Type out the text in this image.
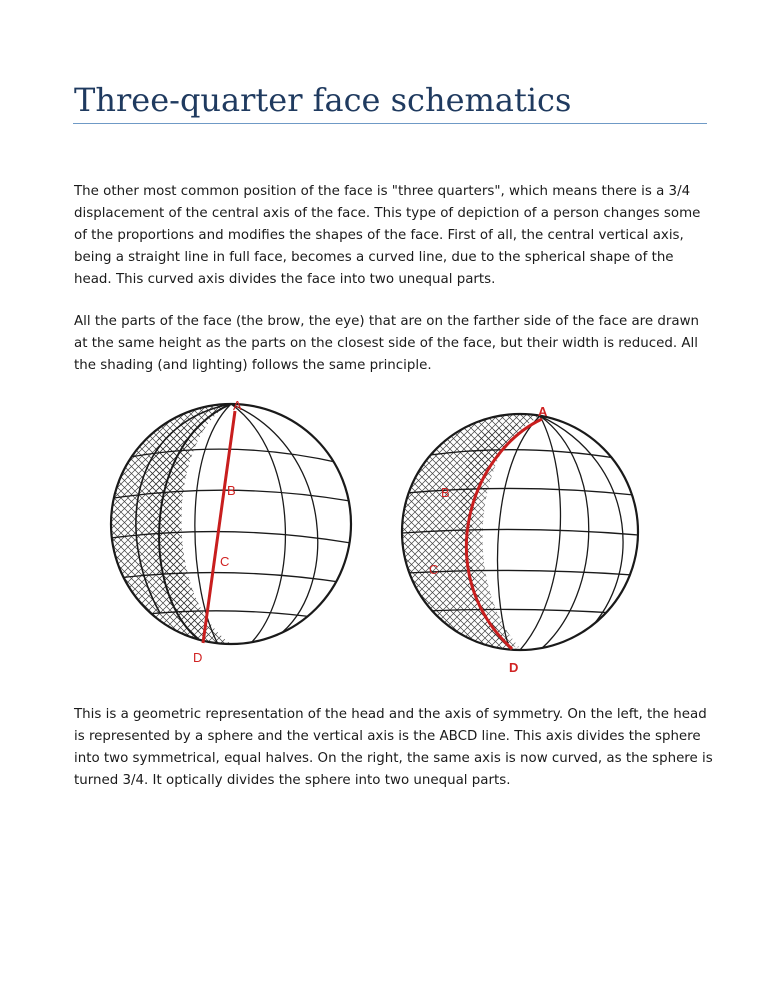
Three-quarter face schematics

The other most common position of the face is "three quarters", which means there is a 3/4 displacement of the central axis of the face. This type of depiction of a person changes some of the proportions and modifies the shapes of the face. First of all, the central vertical axis, being a straight line in full face, becomes a curved line, due to the spherical shape of the head. This curved axis divides the face into two unequal parts.

All the parts of the face (the brow, the eye) that are on the farther side of the face are drawn at the same height as the parts on the closest side of the face, but their width is reduced. All the shading (and lighting) follows the same principle.

A
B
C
D
A
B
C
D

This is a geometric representation of the head and the axis of symmetry. On the left, the head is represented by a sphere and the vertical axis is the ABCD line. This axis divides the sphere into two symmetrical, equal halves. On the right, the same axis is now curved, as the sphere is turned 3/4. It optically divides the sphere into two unequal parts.
